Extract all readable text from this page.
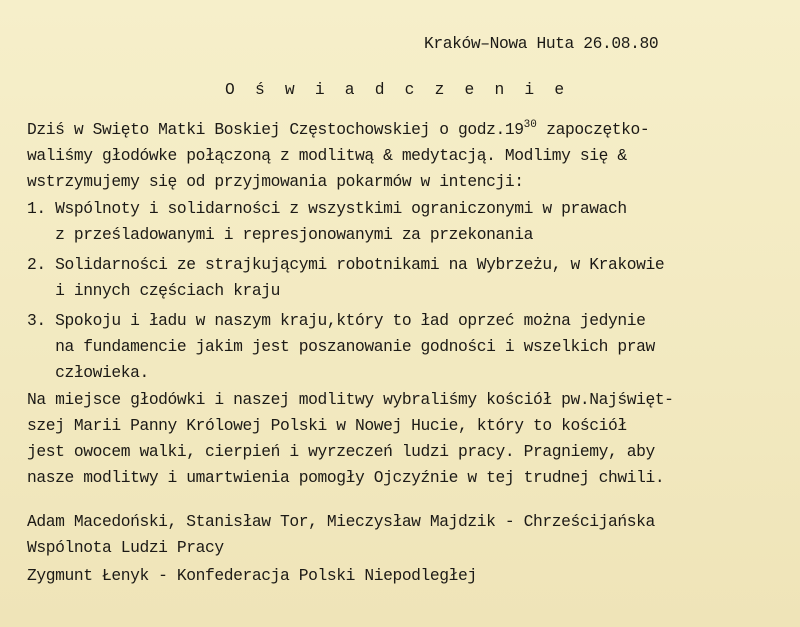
Kraków–Nowa Huta 26.08.80
O ś w i a d c z e n i e
Dziś w Swięto Matki Boskiej Częstochowskiej o $godz.19^{30}$ zapoczętko-
waliśmy głodówke połączoną z modlitwą & medytacją. Modlimy się &
wstrzymujemy się od przyjmowania pokarmów w intencji:
1. Wspólnoty i solidarności z wszystkimi ograniczonymi w prawach
z prześladowanymi i represjonowanymi za przekonania
2. Solidarności ze strajkującymi robotnikami na Wybrzeżu, w Krakowie
i innych częściach kraju
3. Spokoju i ładu w naszym kraju,który to ład oprzeć można jedynie
na fundamencie jakim jest poszanowanie godności i wszelkich praw
człowieka.
Na miejsce głodówki i naszej modlitwy wybraliśmy kościół pw.Najświęt-
szej Marii Panny Królowej Polski w Nowej Hucie, który to kościół
jest owocem walki, cierpień i wyrzeczeń ludzi pracy. Pragniemy, aby
nasze modlitwy i umartwienia pomogły Ojczyźnie w tej trudnej chwili.
Adam Macedoński, Stanisław Tor, Mieczysław Majdzik - Chrześcijańska
Wspólnota Ludzi Pracy
Zygmunt Łenyk - Konfederacja Polski Niepodległej
